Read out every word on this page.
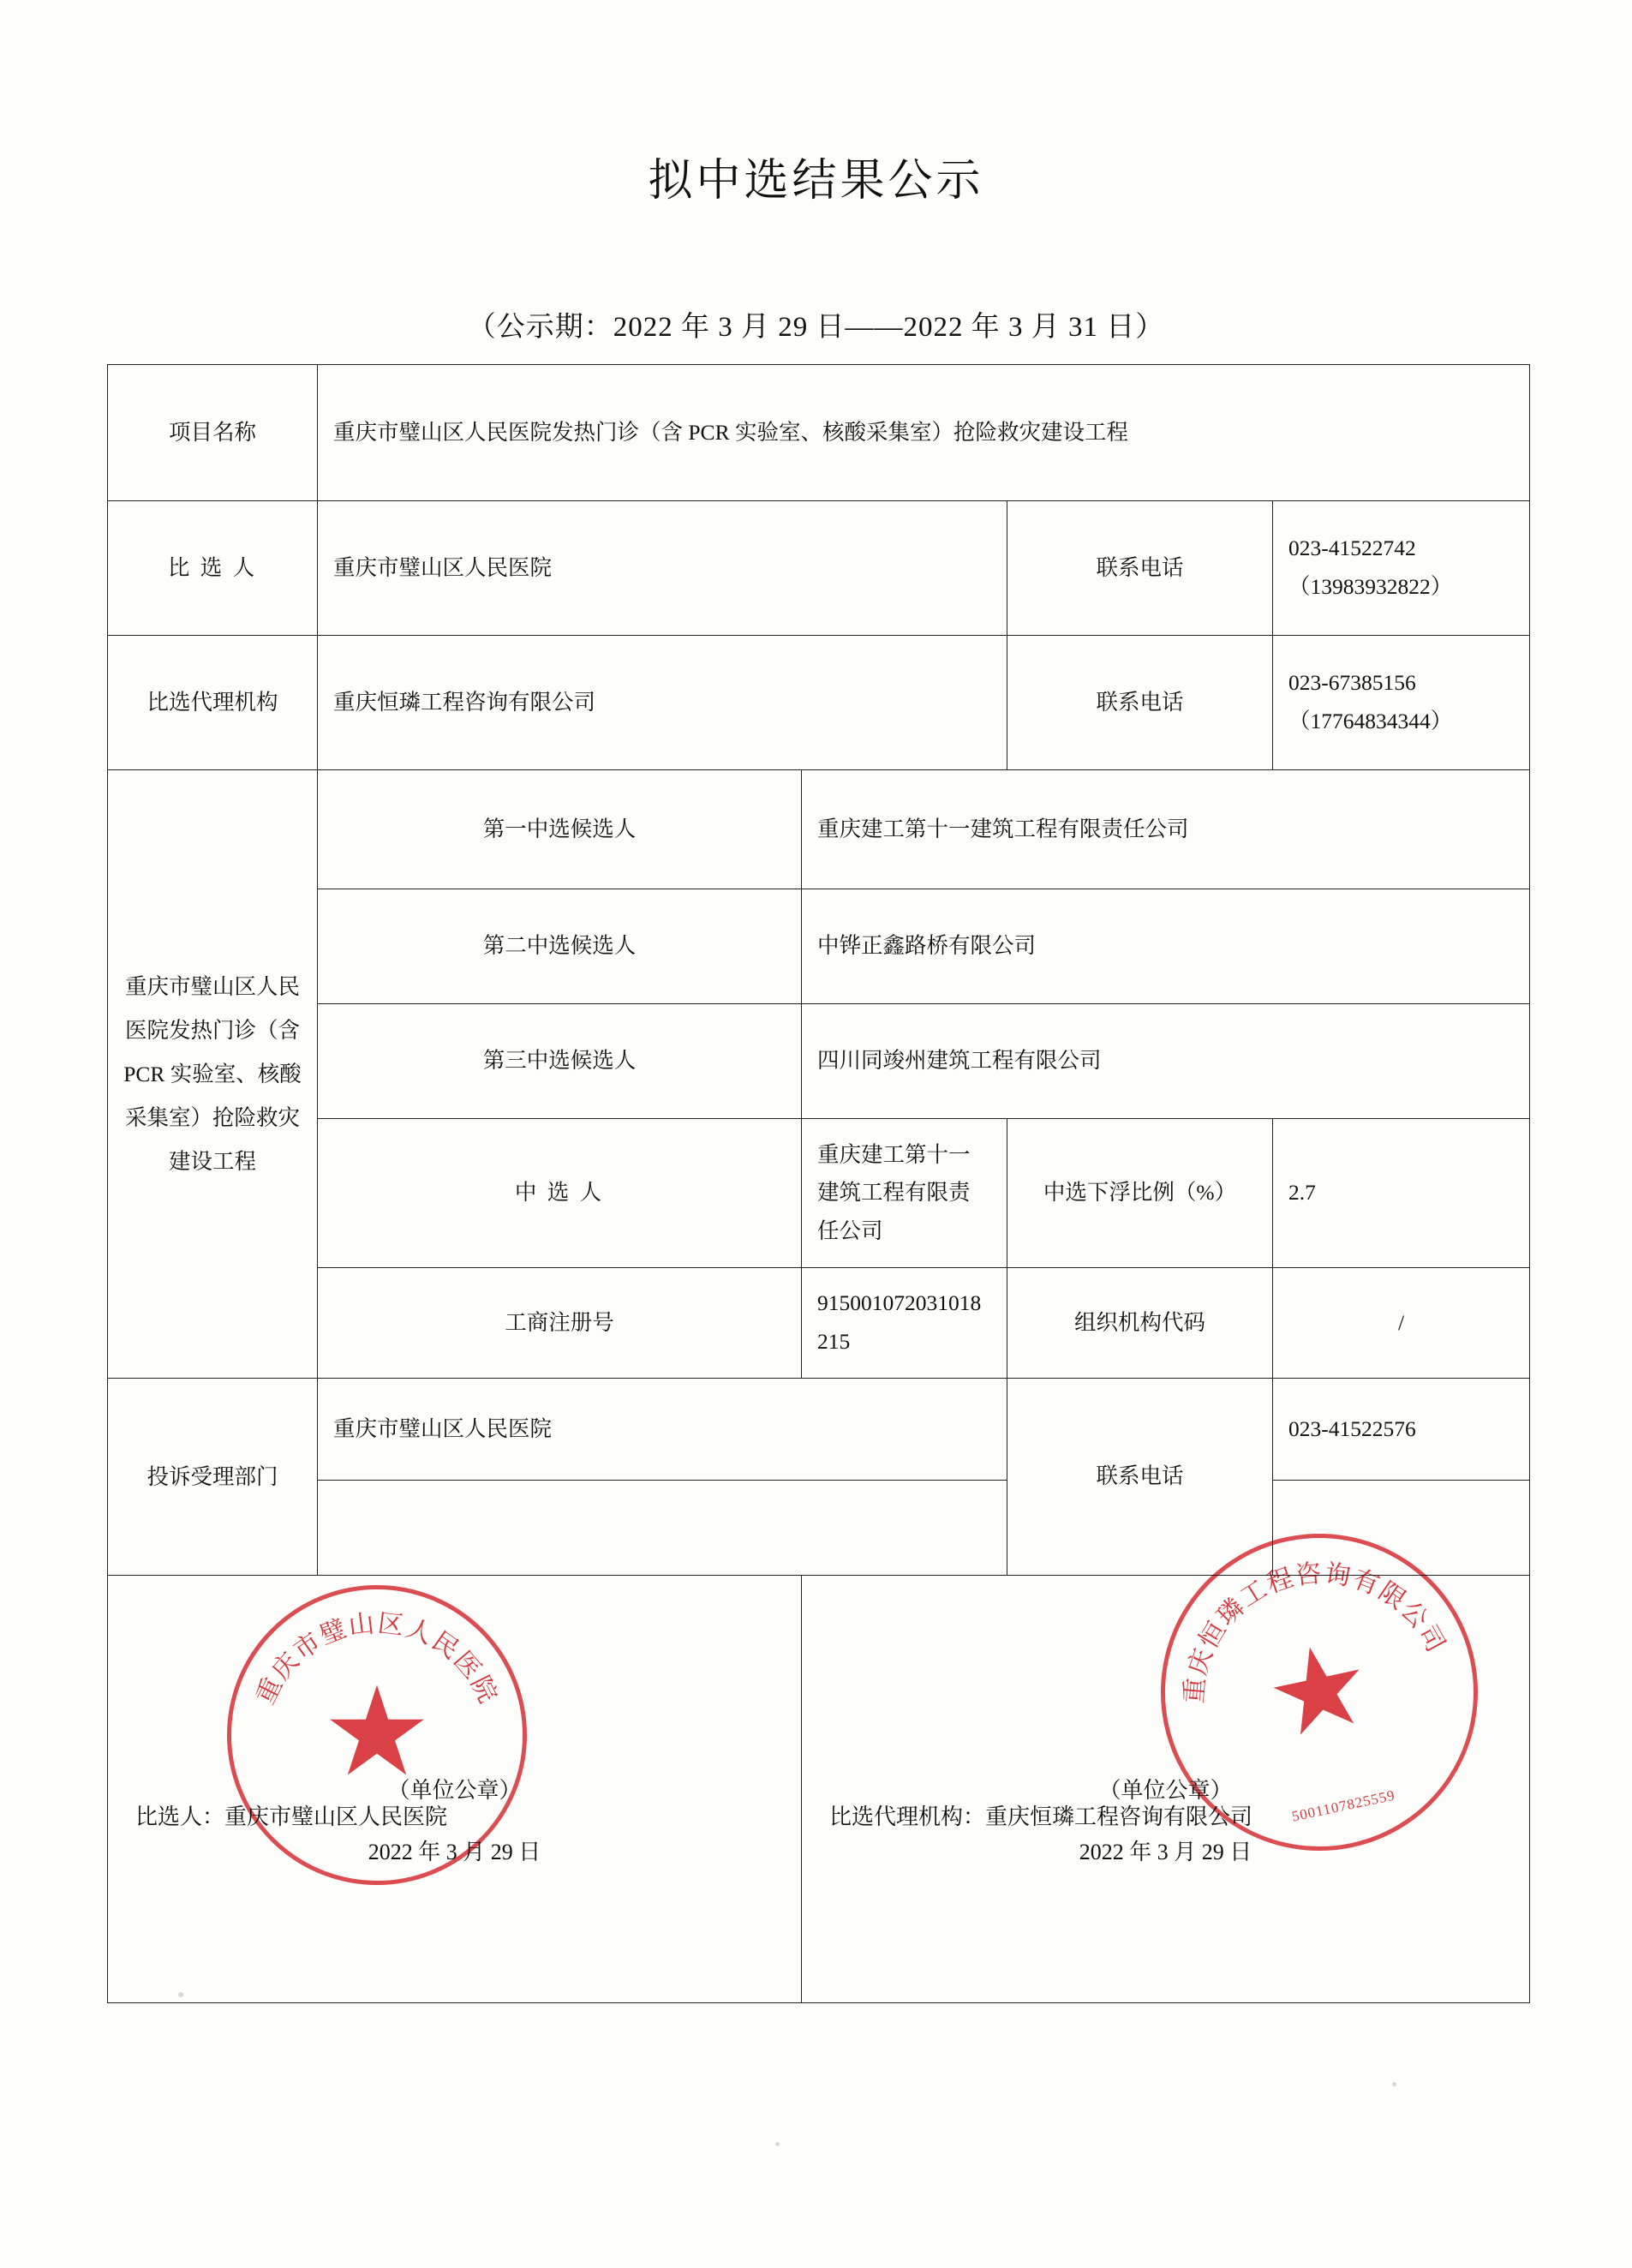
拟中选结果公示
（公示期：2022 年 3 月 29 日——2022 年 3 月 31 日）
项目名称	重庆市璧山区人民医院发热门诊（含 PCR 实验室、核酸采集室）抢险救灾建设工程			
比 选 人	重庆市璧山区人民医院		联系电话	023-41522742
（13983932822）

比选代理机构	重庆恒璘工程咨询有限公司		联系电话	023-67385156
（17764834344）

重庆市璧山区人民医院发热门诊（含 PCR 实验室、核酸采集室）抢险救灾建设工程	第一中选候选人	重庆建工第十一建筑工程有限责任公司		
	第二中选候选人	中铧正鑫路桥有限公司		
	第三中选候选人	四川同竣州建筑工程有限公司		
	中 选 人	重庆建工第十一建筑工程有限责任公司	中选下浮比例（%）	2.7
	工商注册号	915001072031018215	组织机构代码	/
投诉受理部门	重庆市璧山区人民医院		联系电话	023-41522576

比选人：重庆市璧山区人民医院
（单位公章）
2022 年 3 月 29 日

比选代理机构：重庆恒璘工程咨询有限公司
（单位公章）
2022 年 3 月 29 日
重庆市璧山区人民医院
★	重庆恒璘工程咨询有限公司
★
5001107825559
